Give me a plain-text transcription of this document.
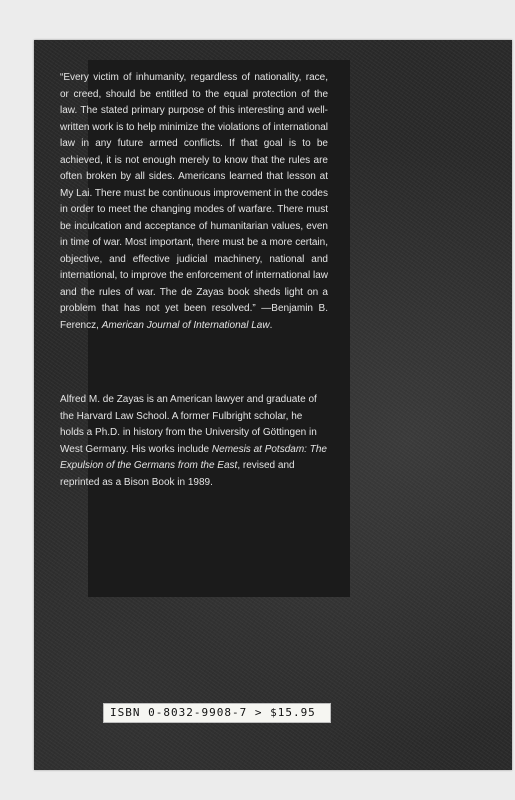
“Every victim of inhumanity, regardless of nationality, race, or creed, should be entitled to the equal protection of the law. The stated primary purpose of this interesting and well-written work is to help minimize the violations of international law in any future armed conflicts. If that goal is to be achieved, it is not enough merely to know that the rules are often broken by all sides. Americans learned that lesson at My Lai. There must be continuous improvement in the codes in order to meet the changing modes of warfare. There must be inculcation and acceptance of humanitarian values, even in time of war. Most important, there must be a more certain, objective, and effective judicial machinery, national and international, to improve the enforcement of international law and the rules of war. The de Zayas book sheds light on a problem that has not yet been resolved.” —Benjamin B. Ferencz, American Journal of International Law.

Alfred M. de Zayas is an American lawyer and graduate of the Harvard Law School. A former Fulbright scholar, he holds a Ph.D. in history from the University of Göttingen in West Germany. His works include Nemesis at Potsdam: The Expulsion of the Germans from the East, revised and reprinted as a Bison Book in 1989.

ISBN 0-8032-9908-7 > $15.95
